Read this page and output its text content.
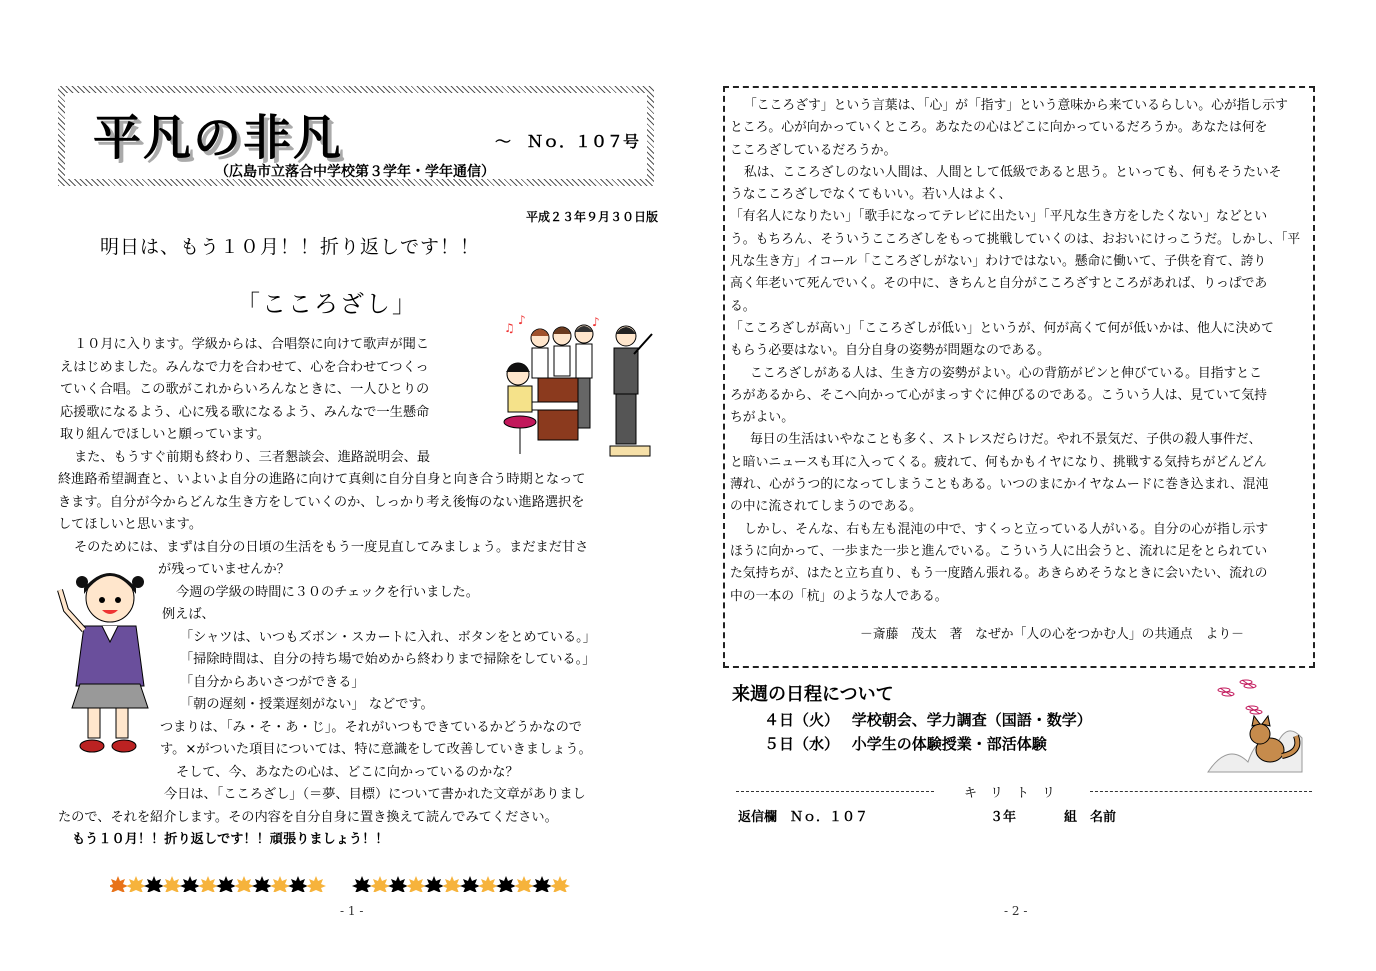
平凡の非凡	～　Ｎｏ．１０７号
（広島市立落合中学校第３学年・学年通信）
平成２３年９月３０日版
明日は、もう１０月！！折り返しです！！
「こころざし」
♫
♪	♪
１０月に入ります。学級からは、合唱祭に向けて歌声が聞こ
えはじめました。みんなで力を合わせて、心を合わせてつくっ
ていく合唱。この歌がこれからいろんなときに、一人ひとりの
応援歌になるよう、心に残る歌になるよう、みんなで一生懸命
取り組んでほしいと願っています。
また、もうすぐ前期も終わり、三者懇談会、進路説明会、最
終進路希望調査と、いよいよ自分の進路に向けて真剣に自分自身と向き合う時期となって
きます。自分が今からどんな生き方をしていくのか、しっかり考え後悔のない進路選択を
してほしいと思います。
そのためには、まずは自分の日頃の生活をもう一度見直してみましょう。まだまだ甘さ
が残っていませんか？
今週の学級の時間に３０のチェックを行いました。
例えば、
「シャツは、いつもズボン・スカートに入れ、ボタンをとめている。」
「掃除時間は、自分の持ち場で始めから終わりまで掃除をしている。」
「自分からあいさつができる」
「朝の遅刻・授業遅刻がない」 などです。
つまりは、「み・そ・あ・じ」。それがいつもできているかどうかなので
す。×がついた項目については、特に意識をして改善していきましょう。
そして、今、あなたの心は、どこに向かっているのかな？
今日は、「こころざし」（＝夢、目標）について書かれた文章がありまし
たので、それを紹介します。その内容を自分自身に置き換えて読んでみてください。
もう１０月！！折り返しです！！頑張りましょう！！
- 1 -
「こころざす」という言葉は、「心」が「指す」という意味から来ているらしい。心が指し示す
ところ。心が向かっていくところ。あなたの心はどこに向かっているだろうか。あなたは何を
こころざしているだろうか。
私は、こころざしのない人間は、人間として低級であると思う。といっても、何もそうたいそ
うなこころざしでなくてもいい。若い人はよく、
「有名人になりたい」「歌手になってテレビに出たい」「平凡な生き方をしたくない」などとい
う。もちろん、そういうこころざしをもって挑戦していくのは、おおいにけっこうだ。しかし、「平
凡な生き方」イコール「こころざしがない」わけではない。懸命に働いて、子供を育て、誇り
高く年老いて死んでいく。その中に、きちんと自分がこころざすところがあれば、りっぱであ
る。
「こころざしが高い」「こころざしが低い」というが、何が高くて何が低いかは、他人に決めて
もらう必要はない。自分自身の姿勢が問題なのである。
こころざしがある人は、生き方の姿勢がよい。心の背筋がピンと伸びている。目指すとこ
ろがあるから、そこへ向かって心がまっすぐに伸びるのである。こういう人は、見ていて気持
ちがよい。
毎日の生活はいやなことも多く、ストレスだらけだ。やれ不景気だ、子供の殺人事件だ、
と暗いニュースも耳に入ってくる。疲れて、何もかもイヤになり、挑戦する気持ちがどんどん
薄れ、心がうつ的になってしまうこともある。いつのまにかイヤなムードに巻き込まれ、混沌
の中に流されてしまうのである。
しかし、そんな、右も左も混沌の中で、すくっと立っている人がいる。自分の心が指し示す
ほうに向かって、一歩また一歩と進んでいる。こういう人に出会うと、流れに足をとられてい
た気持ちが、はたと立ち直り、もう一度踏ん張れる。あきらめそうなときに会いたい、流れの
中の一本の「杭」のような人である。
－斎藤　茂太　著　なぜか「人の心をつかむ人」の共通点　より－
来週の日程について
４日（火）　 学校朝会、学力調査（国語・数学）
５日（水）　 小学生の体験授業・部活体験
キ　リ　ト　リ
返信欄　Ｎｏ．１０７	３年	組　名前
- 2 -
